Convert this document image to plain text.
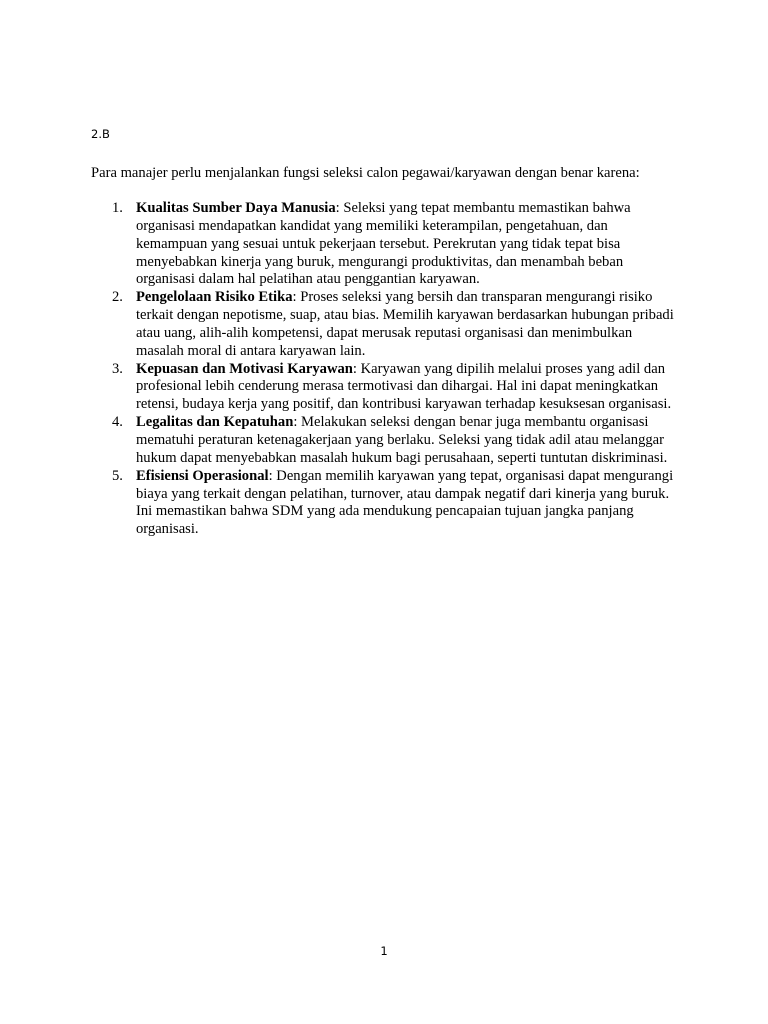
2.B

Para manajer perlu menjalankan fungsi seleksi calon pegawai/karyawan dengan benar karena:

1. Kualitas Sumber Daya Manusia: Seleksi yang tepat membantu memastikan bahwa organisasi mendapatkan kandidat yang memiliki keterampilan, pengetahuan, dan kemampuan yang sesuai untuk pekerjaan tersebut. Perekrutan yang tidak tepat bisa menyebabkan kinerja yang buruk, mengurangi produktivitas, dan menambah beban organisasi dalam hal pelatihan atau penggantian karyawan.
2. Pengelolaan Risiko Etika: Proses seleksi yang bersih dan transparan mengurangi risiko terkait dengan nepotisme, suap, atau bias. Memilih karyawan berdasarkan hubungan pribadi atau uang, alih-alih kompetensi, dapat merusak reputasi organisasi dan menimbulkan masalah moral di antara karyawan lain.
3. Kepuasan dan Motivasi Karyawan: Karyawan yang dipilih melalui proses yang adil dan profesional lebih cenderung merasa termotivasi dan dihargai. Hal ini dapat meningkatkan retensi, budaya kerja yang positif, dan kontribusi karyawan terhadap kesuksesan organisasi.
4. Legalitas dan Kepatuhan: Melakukan seleksi dengan benar juga membantu organisasi mematuhi peraturan ketenagakerjaan yang berlaku. Seleksi yang tidak adil atau melanggar hukum dapat menyebabkan masalah hukum bagi perusahaan, seperti tuntutan diskriminasi.
5. Efisiensi Operasional: Dengan memilih karyawan yang tepat, organisasi dapat mengurangi biaya yang terkait dengan pelatihan, turnover, atau dampak negatif dari kinerja yang buruk. Ini memastikan bahwa SDM yang ada mendukung pencapaian tujuan jangka panjang organisasi.
1
